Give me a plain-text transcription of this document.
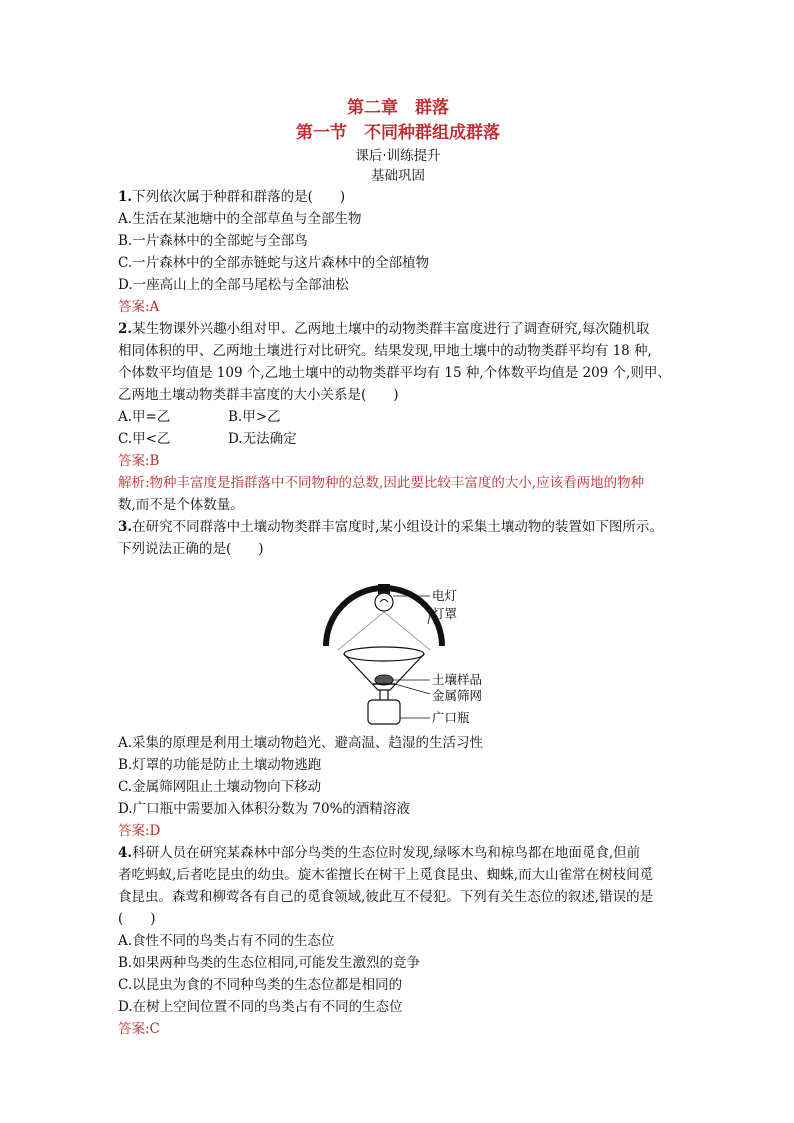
第二章　群落

第一节　不同种群组成群落

课后·训练提升

基础巩固

1.下列依次属于种群和群落的是(　　)

A.生活在某池塘中的全部草鱼与全部生物

B.一片森林中的全部蛇与全部鸟

C.一片森林中的全部赤链蛇与这片森林中的全部植物

D.一座高山上的全部马尾松与全部油松

答案:A

2.某生物课外兴趣小组对甲、乙两地土壤中的动物类群丰富度进行了调查研究,每次随机取

相同体积的甲、乙两地土壤进行对比研究。结果发现,甲地土壤中的动物类群平均有 18 种,

个体数平均值是 109 个,乙地土壤中的动物类群平均有 15 种,个体数平均值是 209 个,则甲、

乙两地土壤动物类群丰富度的大小关系是(　　)

A.甲=乙	B.甲>乙
C.甲<乙	D.无法确定

答案:B

解析:物种丰富度是指群落中不同物种的总数,因此要比较丰富度的大小,应该看两地的物种

数,而不是个体数量。

3.在研究不同群落中土壤动物类群丰富度时,某小组设计的采集土壤动物的装置如下图所示。

下列说法正确的是(　　)

电灯
灯罩
土壤样品
金属筛网
广口瓶

A.采集的原理是利用土壤动物趋光、避高温、趋湿的生活习性

B.灯罩的功能是防止土壤动物逃跑

C.金属筛网阻止土壤动物向下移动

D.广口瓶中需要加入体积分数为 70%的酒精溶液

答案:D

4.科研人员在研究某森林中部分鸟类的生态位时发现,绿啄木鸟和椋鸟都在地面觅食,但前

者吃蚂蚁,后者吃昆虫的幼虫。旋木雀擅长在树干上觅食昆虫、蜘蛛,而大山雀常在树枝间觅

食昆虫。森莺和柳莺各有自己的觅食领域,彼此互不侵犯。下列有关生态位的叙述,错误的是

(　　)

A.食性不同的鸟类占有不同的生态位

B.如果两种鸟类的生态位相同,可能发生激烈的竞争

C.以昆虫为食的不同种鸟类的生态位都是相同的

D.在树上空间位置不同的鸟类占有不同的生态位

答案:C
